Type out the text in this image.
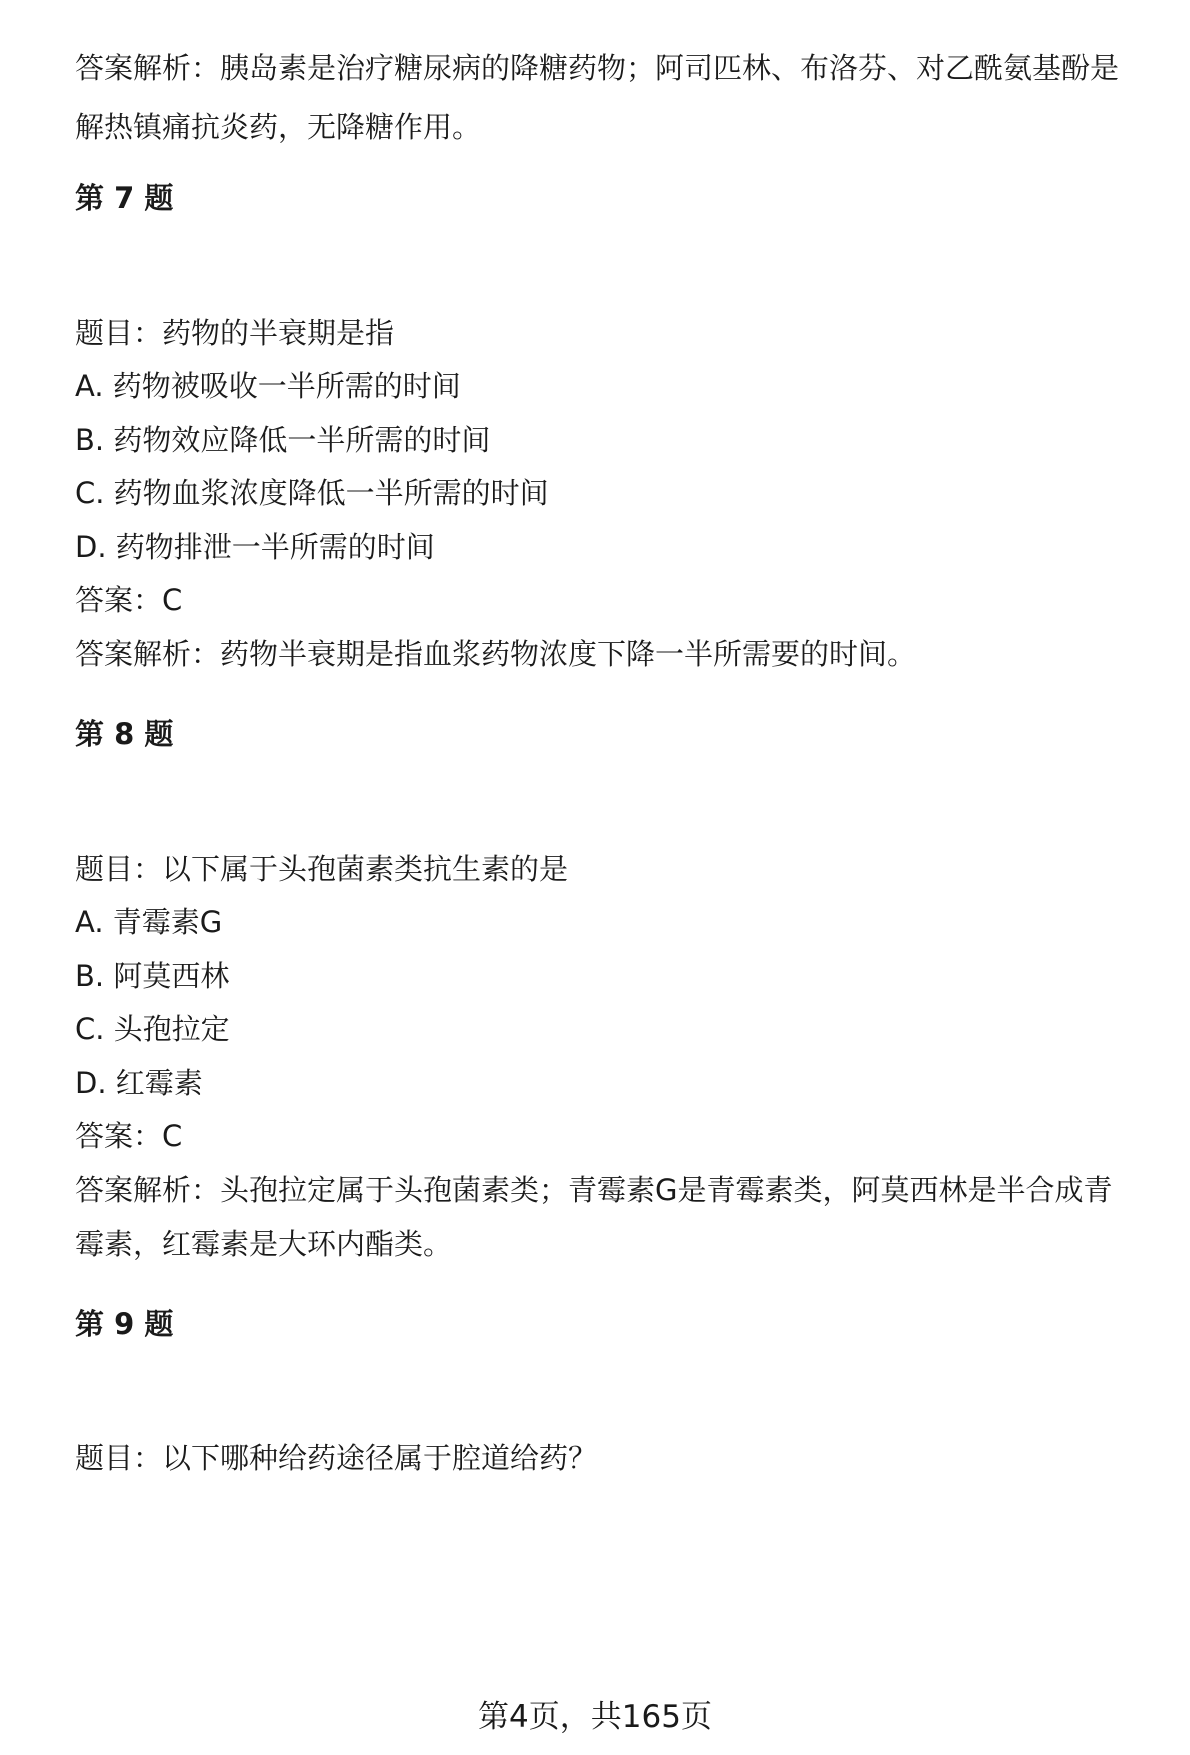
答案解析：胰岛素是治疗糖尿病的降糖药物；阿司匹林、布洛芬、对乙酰氨基酚是
解热镇痛抗炎药，无降糖作用。
第 7 题
题目：药物的半衰期是指
A. 药物被吸收一半所需的时间
B. 药物效应降低一半所需的时间
C. 药物血浆浓度降低一半所需的时间
D. 药物排泄一半所需的时间
答案：C
答案解析：药物半衰期是指血浆药物浓度下降一半所需要的时间。
第 8 题
题目：以下属于头孢菌素类抗生素的是
A. 青霉素G
B. 阿莫西林
C. 头孢拉定
D. 红霉素
答案：C
答案解析：头孢拉定属于头孢菌素类；青霉素G是青霉素类，阿莫西林是半合成青
霉素，红霉素是大环内酯类。
第 9 题
题目：以下哪种给药途径属于腔道给药？
第4页，共165页
